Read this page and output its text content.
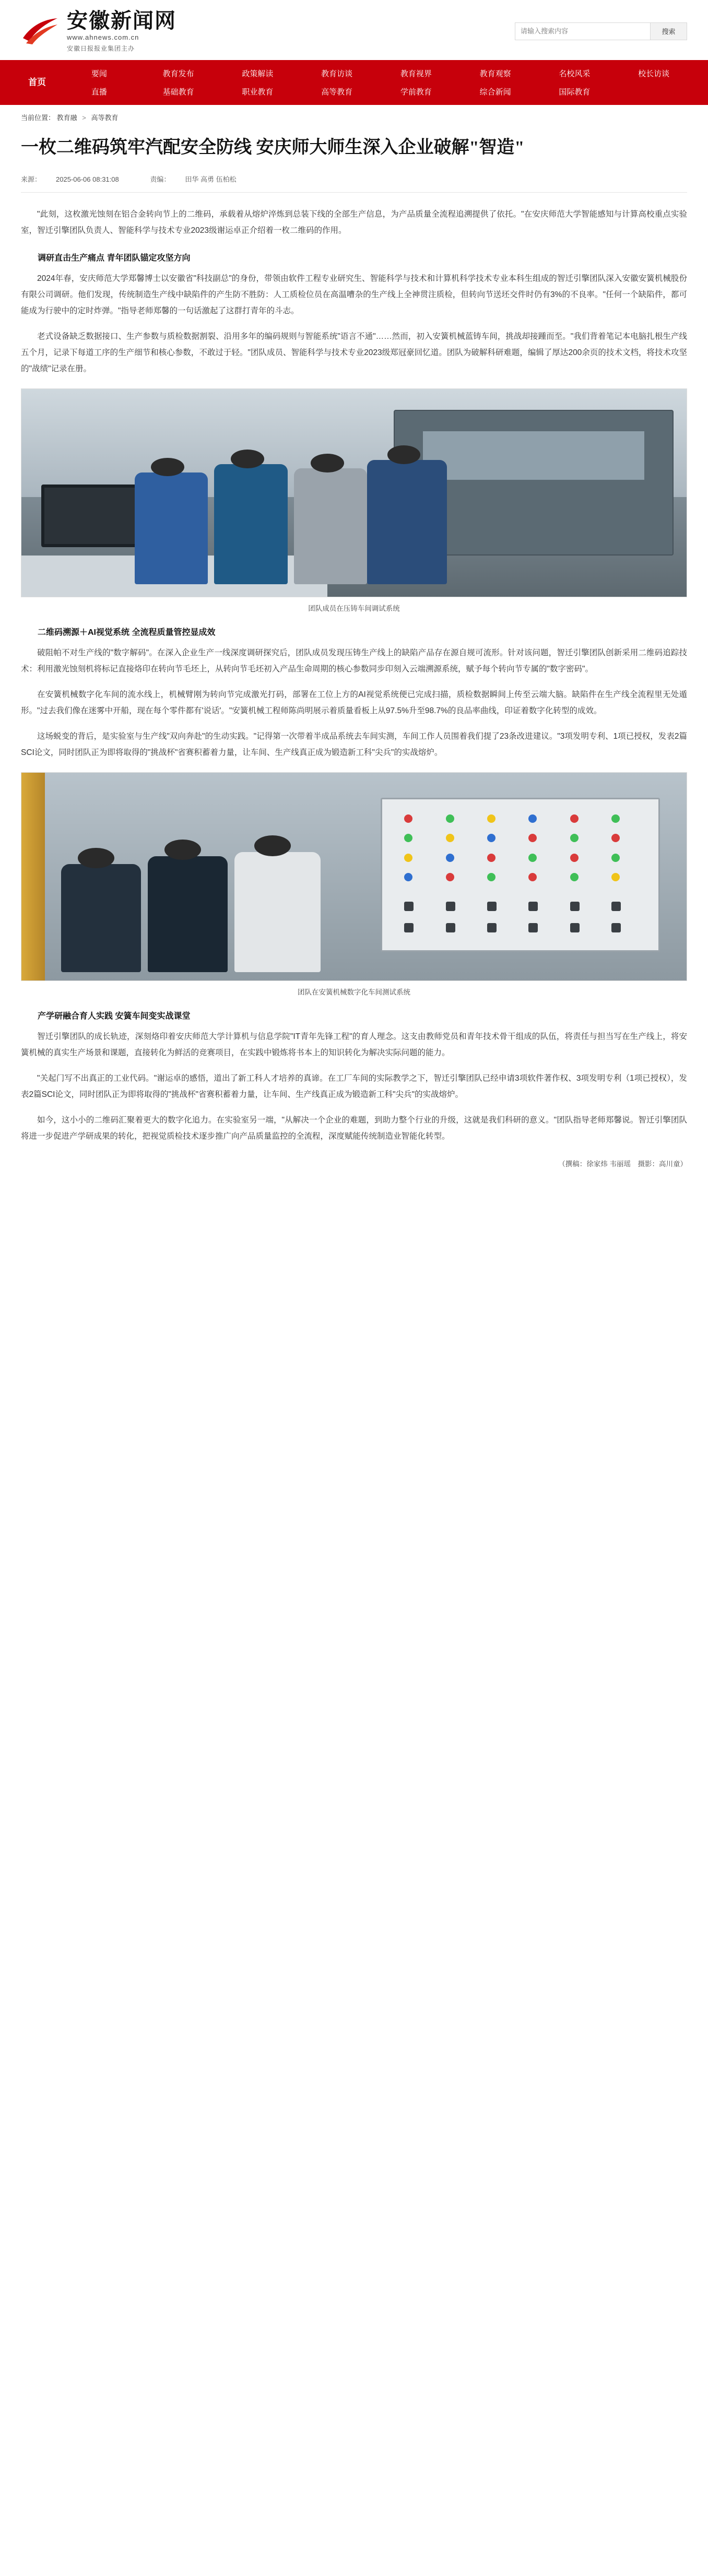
安徽新闻网
www.ahnews.com.cn
安徽日报报业集团主办
请输入搜索内容
搜索
首 页
要闻	教育发布	政策解读	教育访谈	教育视界	教育观察	名校风采	校长访谈
直播	基础教育	职业教育	高等教育	学前教育	综合新闻	国际教育
当前位置： 教育融 > 高等教育
一枚二维码筑牢汽配安全防线 安庆师大师生深入企业破解"智造"
来源： 2025-06-06 08:31:08	责编： 田华 高勇 伍柏松

"此刻，这枚激光蚀刻在铝合金转向节上的二维码，承载着从熔炉淬炼到总装下线的全部生产信息，为产品质量全流程追溯提供了依托。"在安庆师范大学智能感知与计算高校重点实验室，智迁引擎团队负责人、智能科学与技术专业2023级谢运卓正介绍着一枚二维码的作用。

调研直击生产痛点 青年团队锚定攻坚方向

2024年春，安庆师范大学郑馨博士以安徽省"科技副总"的身份，带领由软件工程专业研究生、智能科学与技术和计算机科学技术专业本科生组成的智迁引擎团队深入安徽安簧机械股份有限公司调研。他们发现，传统制造生产线中缺陷件的产生防不胜防：人工质检位员在高温嘈杂的生产线上全神贯注质检，但转向节送坯交件时仍有3%的不良率。"任何一个缺陷件，都可能成为行驶中的定时炸弹。"指导老师郑馨的一句话激起了这群打青年的斗志。

老式设备缺乏数据接口、生产参数与质检数据割裂、沿用多年的编码规则与智能系统"语言不通"……然而，初入安簧机械蓝铸车间，挑战却接踵而至。"我们背着笔记本电脑扎根生产线五个月，记录下每道工序的生产细节和核心参数，不敢过于轻。"团队成员、智能科学与技术专业2023级郑冠豪回忆道。团队为破解科研难题，编辑了厚达200余页的技术文档，将技术攻坚的"战绩"记录在册。

团队成员在压铸车间调试系统
二维码溯源＋AI视觉系统 全流程质量管控显成效

破阻帕不对生产线的"数字解码"。在深入企业生产一线深度调研探究后，团队成员发现压铸生产线上的缺陷产品存在源自规可流形。针对该问题，智迁引擎团队创新采用二维码追踪技术：利用激光蚀刻机将标记直接烙印在转向节毛坯上，从转向节毛坯初入产品生命周期的核心参数同步印刻入云端溯源系统，赋予每个转向节专属的"数字密码"。

在安簧机械数字化车间的流水线上，机械臂刚为转向节完成激光打码，部署在工位上方的AI视觉系统便已完成扫描，质检数据瞬间上传至云端大脑。缺陷件在生产线全流程里无处遁形。"过去我们像在迷雾中开船，现在每个零件都有'说话'。"安簧机械工程师陈尚明展示着质量看板上从97.5%升至98.7%的良品率曲线，印证着数字化转型的成效。

这场蜕变的背后，是实验室与生产线"双向奔赴"的生动实践。"记得第一次带着半成品系统去车间实测，车间工作人员围着我们提了23条改进建议。"3项发明专利、1项已授权，发表2篇SCI论文，同时团队正为即将取得的"挑战杯"省赛积蓄着力量，让车间、生产线真正成为锻造新工科"尖兵"的实战熔炉。

团队在安簧机械数字化车间测试系统
产学研融合育人实践 安簧车间变实战课堂

智迁引擎团队的成长轨迹，深刻烙印着安庆师范大学计算机与信息学院"IT青年先锋工程"的育人理念。这支由教师党员和青年技术骨干组成的队伍，将责任与担当写在生产线上，将安簧机械的真实生产场景和课题，直接转化为鲜活的竞赛项目，在实践中锻炼将书本上的知识转化为解决实际问题的能力。

"关起门写不出真正的工业代码。"谢运卓的感悟，道出了新工科人才培养的真谛。在工厂车间的实际教学之下，智迁引擎团队已经申请3项软件著作权、3项发明专利（1项已授权），发表2篇SCI论文，同时团队正为即将取得的"挑战杯"省赛积蓄着力量，让车间、生产线真正成为锻造新工科"尖兵"的实战熔炉。

如今，这小小的二维码汇聚着更大的数字化追力。在实验室另一端，"从解决一个企业的难题，到助力整个行业的升级，这就是我们科研的意义。"团队指导老师郑馨说。智迁引擎团队将进一步促进产学研成果的转化，把视觉质检技术逐步推广向产品质量监控的全流程，深度赋能传统制造业智能化转型。

（撰稿：徐家炜 韦丽瑶　摄影：高川童）
